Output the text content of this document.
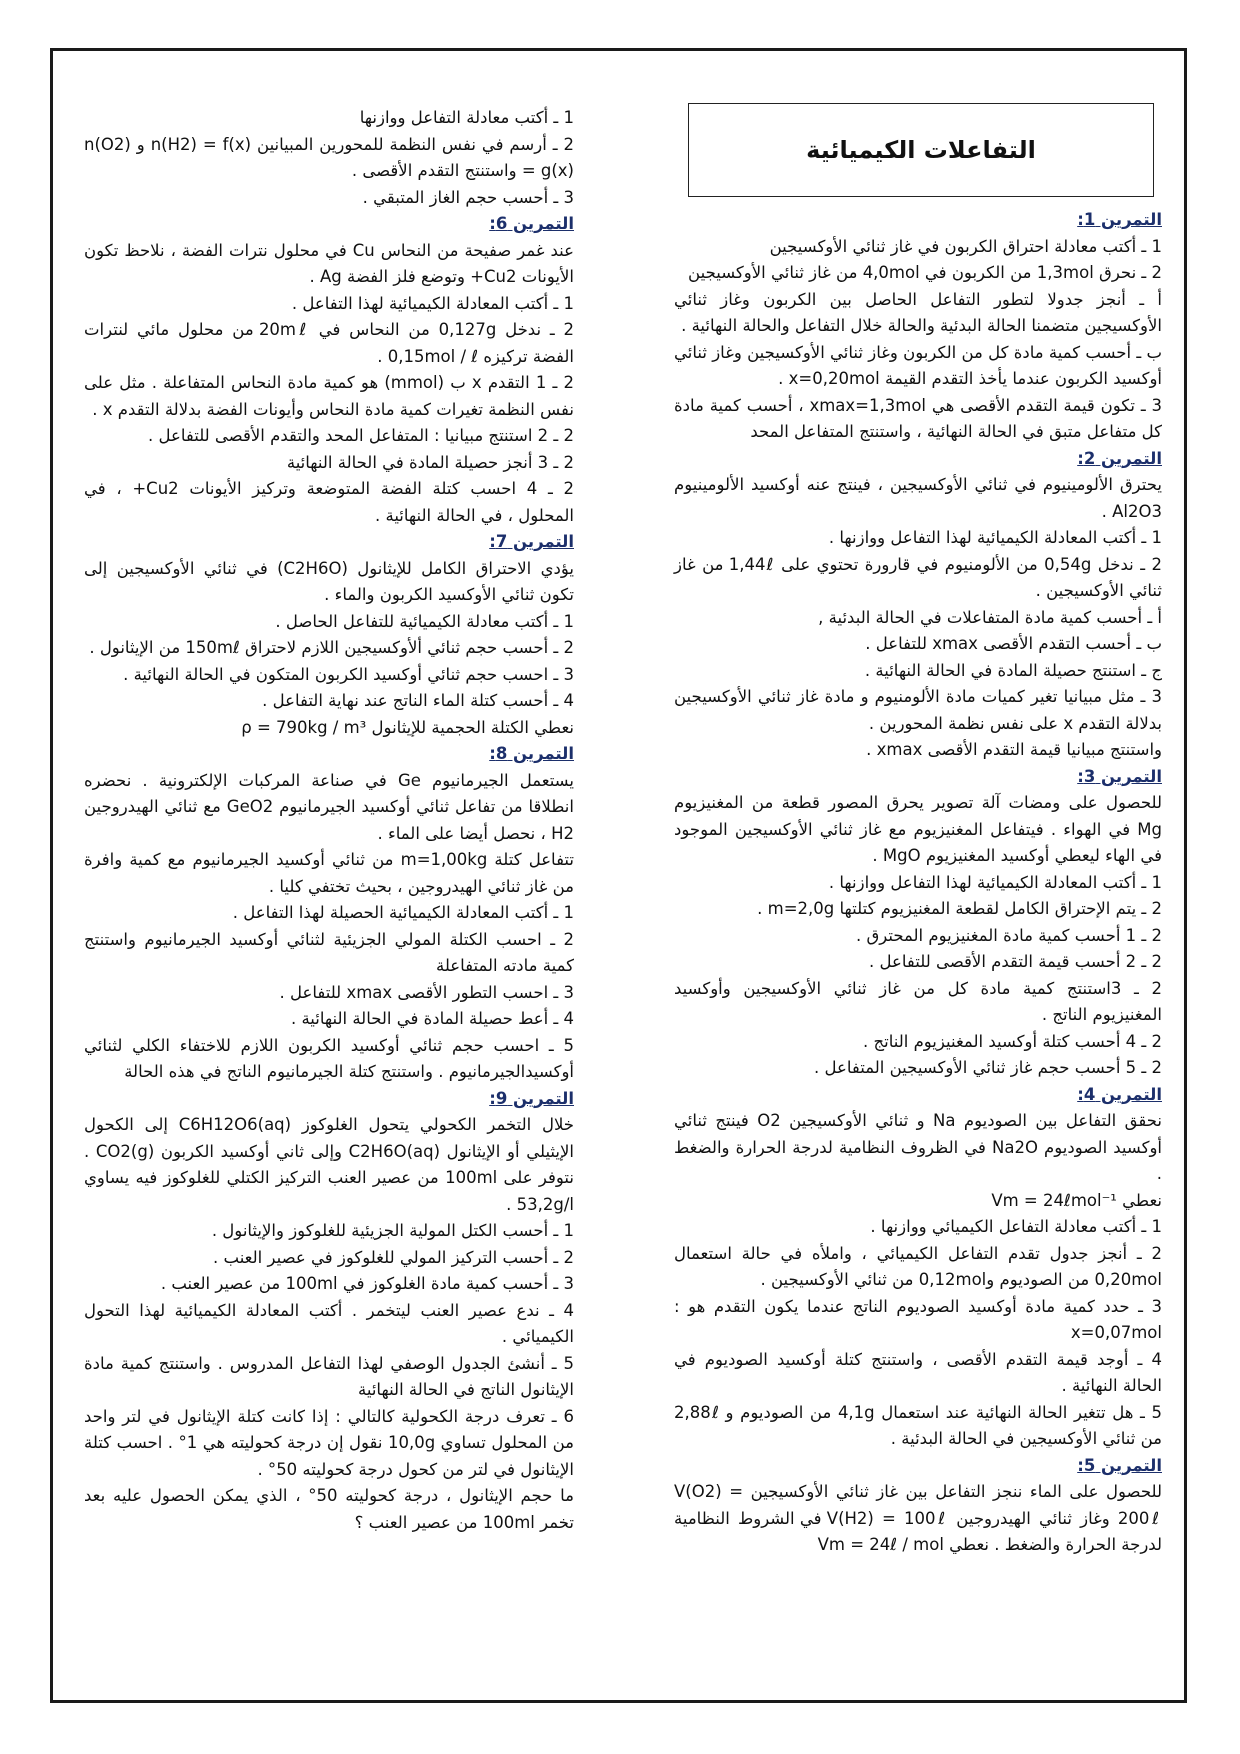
التفاعلات الكيميائية

التمرين 1:

1 ـ أكتب معادلة احتراق الكربون في غاز ثنائي الأوكسيجين

2 ـ نحرق 1,3mol من الكربون في 4,0mol من غاز ثنائي الأوكسيجين

أ ـ أنجز جدولا لتطور التفاعل الحاصل بين الكربون وغاز ثنائي الأوكسيجين متضمنا الحالة البدئية والحالة خلال التفاعل والحالة النهائية .

ب ـ أحسب كمية مادة كل من الكربون وغاز ثنائي الأوكسيجين وغاز ثنائي أوكسيد الكربون عندما يأخذ التقدم القيمة x=0,20mol .

3 ـ تكون قيمة التقدم الأقصى هي xmax=1,3mol ، أحسب كمية مادة كل متفاعل متبق في الحالة النهائية ، واستنتج المتفاعل المحد

التمرين 2:

يحترق الألومينيوم في ثنائي الأوكسيجين ، فينتج عنه أوكسيد الألومينيوم Al2O3 .

1 ـ أكتب المعادلة الكيميائية لهذا التفاعل ووازنها .

2 ـ ندخل 0,54g من الألومنيوم في قارورة تحتوي على 1,44ℓ من غاز ثنائي الأوكسيجين .

أ ـ أحسب كمية مادة المتفاعلات في الحالة البدئية ,

ب ـ أحسب التقدم الأقصى xmax للتفاعل .

ج ـ استنتج حصيلة المادة في الحالة النهائية .

3 ـ مثل مبيانيا تغير كميات مادة الألومنيوم و مادة غاز ثنائي الأوكسيجين بدلالة التقدم x على نفس نظمة المحورين .

واستنتج مبيانيا قيمة التقدم الأقصى xmax .

التمرين 3:

للحصول على ومضات آلة تصوير يحرق المصور قطعة من المغنيزيوم Mg في الهواء . فيتفاعل المغنيزيوم مع غاز ثنائي الأوكسيجين الموجود في الهاء ليعطي أوكسيد المغنيزيوم MgO .

1 ـ أكتب المعادلة الكيميائية لهذا التفاعل ووازنها .

2 ـ يتم الإحتراق الكامل لقطعة المغنيزيوم كتلتها m=2,0g .

2 ـ 1 أحسب كمية مادة المغنيزيوم المحترق .

2 ـ 2 أحسب قيمة التقدم الأقصى للتفاعل .

2 ـ 3استنتج كمية مادة كل من غاز ثنائي الأوكسيجين وأوكسيد المغنيزيوم الناتج .

2 ـ 4 أحسب كتلة أوكسيد المغنيزيوم الناتج .

2 ـ 5 أحسب حجم غاز ثنائي الأوكسيجين المتفاعل .

التمرين 4:

نحقق التفاعل بين الصوديوم Na و ثنائي الأوكسيجين O2 فينتج ثنائي أوكسيد الصوديوم Na2O في الظروف النظامية لدرجة الحرارة والضغط .

نعطي Vm = 24ℓmol⁻¹

1 ـ أكتب معادلة التفاعل الكيميائي ووازنها .

2 ـ أنجز جدول تقدم التفاعل الكيميائي ، واملأه في حالة استعمال 0,20mol من الصوديوم و0,12mol من ثنائي الأوكسيجين .

3 ـ حدد كمية مادة أوكسيد الصوديوم الناتج عندما يكون التقدم هو : x=0,07mol

4 ـ أوجد قيمة التقدم الأقصى ، واستنتج كتلة أوكسيد الصوديوم في الحالة النهائية .

5 ـ هل تتغير الحالة النهائية عند استعمال 4,1g من الصوديوم و 2,88ℓ من ثنائي الأوكسيجين في الحالة البدئية .

التمرين 5:

للحصول على الماء ننجز التفاعل بين غاز ثنائي الأوكسيجين V(O2) = 200ℓ وغاز ثنائي الهيدروجين V(H2) = 100ℓ في الشروط النظامية لدرجة الحرارة والضغط . نعطي Vm = 24ℓ / mol

1 ـ أكتب معادلة التفاعل ووازنها

2 ـ أرسم في نفس النظمة للمحورين المبيانين n(H2) = f(x) و n(O2) = g(x) واستنتج التقدم الأقصى .

3 ـ أحسب حجم الغاز المتبقي .

التمرين 6:

عند غمر صفيحة من النحاس Cu في محلول نترات الفضة ، نلاحظ تكون الأيونات Cu2+ وتوضع فلز الفضة Ag .

1 ـ أكتب المعادلة الكيميائية لهذا التفاعل .

2 ـ ندخل 0,127g من النحاس في 20mℓ من محلول مائي لنترات الفضة تركيزه 0,15mol / ℓ .

2 ـ 1 التقدم x ب (mmol) هو كمية مادة النحاس المتفاعلة . مثل على نفس النظمة تغيرات كمية مادة النحاس وأيونات الفضة بدلالة التقدم x .

2 ـ 2 استنتج مبيانيا : المتفاعل المحد والتقدم الأقصى للتفاعل .

2 ـ 3 أنجز حصيلة المادة في الحالة النهائية

2 ـ 4 احسب كتلة الفضة المتوضعة وتركيز الأيونات Cu2+ ، في المحلول ، في الحالة النهائية .

التمرين 7:

يؤدي الاحتراق الكامل للإيثانول (C2H6O) في ثنائي الأوكسيجين إلى تكون ثنائي الأوكسيد الكربون والماء .

1 ـ أكتب معادلة الكيميائية للتفاعل الحاصل .

2 ـ أحسب حجم ثنائي ألأوكسيجين اللازم لاحتراق 150mℓ من الإيثانول .

3 ـ احسب حجم ثنائي أوكسيد الكربون المتكون في الحالة النهائية .

4 ـ أحسب كتلة الماء الناتج عند نهاية التفاعل .

نعطي الكتلة الحجمية للإيثانول ρ = 790kg / m³

التمرين 8:

يستعمل الجيرمانيوم Ge في صناعة المركبات الإلكترونية . نحضره انطلاقا من تفاعل ثنائي أوكسيد الجيرمانيوم GeO2 مع ثنائي الهيدروجين H2 ، نحصل أيضا على الماء .

تتفاعل كتلة m=1,00kg من ثنائي أوكسيد الجيرمانيوم مع كمية وافرة من غاز ثنائي الهيدروجين ، بحيث تختفي كليا .

1 ـ أكتب المعادلة الكيميائية الحصيلة لهذا التفاعل .

2 ـ احسب الكتلة المولي الجزيئية لثنائي أوكسيد الجيرمانيوم واستنتج كمية مادته المتفاعلة

3 ـ احسب التطور الأقصى xmax للتفاعل .

4 ـ أعط حصيلة المادة في الحالة النهائية .

5 ـ احسب حجم ثنائي أوكسيد الكربون اللازم للاختفاء الكلي لثنائي أوكسيدالجيرمانيوم . واستنتج كتلة الجيرمانيوم الناتج في هذه الحالة

التمرين 9:

خلال التخمر الكحولي يتحول الغلوكوز C6H12O6(aq) إلى الكحول الإيثيلي أو الإيثانول C2H6O(aq) وإلى ثاني أوكسيد الكربون CO2(g) . نتوفر على 100ml من عصير العنب التركيز الكتلي للغلوكوز فيه يساوي 53,2g/l .

1 ـ أحسب الكتل المولية الجزيئية للغلوكوز والإيثانول .

2 ـ أحسب التركيز المولي للغلوكوز في عصير العنب .

3 ـ أحسب كمية مادة الغلوكوز في 100ml من عصير العنب .

4 ـ ندع عصير العنب ليتخمر . أكتب المعادلة الكيميائية لهذا التحول الكيميائي .

5 ـ أنشئ الجدول الوصفي لهذا التفاعل المدروس . واستنتج كمية مادة الإيثانول الناتج في الحالة النهائية

6 ـ تعرف درجة الكحولية كالتالي : إذا كانت كتلة الإيثانول في لتر واحد من المحلول تساوي 10,0g نقول إن درجة كحوليته هي 1° . احسب كتلة الإيثانول في لتر من كحول درجة كحوليته 50° .

ما حجم الإيثانول ، درجة كحوليته 50° ، الذي يمكن الحصول عليه بعد تخمر 100ml من عصير العنب ؟
